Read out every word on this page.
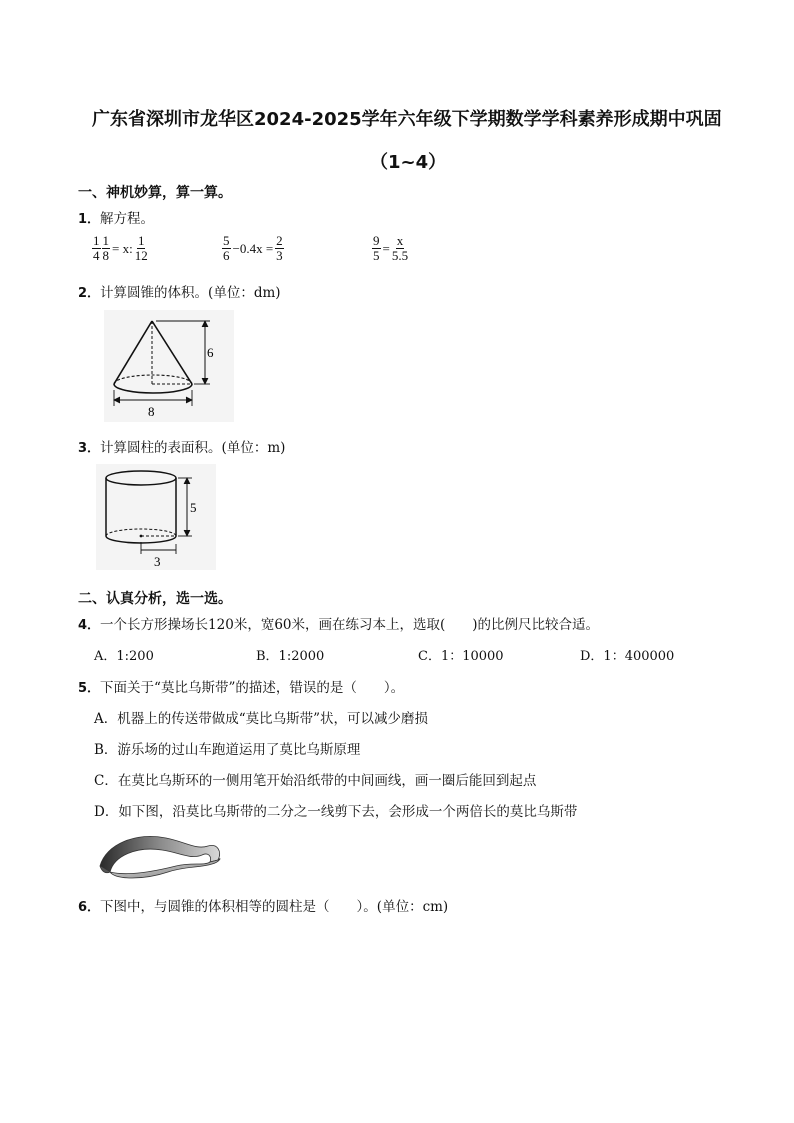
广东省深圳市龙华区2024-2025学年六年级下学期数学学科素养形成期中巩固
（1~4）
一、神机妙算，算一算。
1．解方程。
$\frac{1}{4} \frac{1}{8} = x$: $\frac{1}{12}$	$\frac{5}{6} -0.4x = \frac{2}{3}$	$\frac{9}{5} = \frac{x}{5.5}$
2．计算圆锥的体积。(单位：dm)
6
8
3．计算圆柱的表面积。(单位：m)
5
3
二、认真分析，选一选。
4．一个长方形操场长120米，宽60米，画在练习本上，选取(　　)的比例尺比较合适。
A．1:200	B．1:2000	C．1：10000	D．1：400000
5．下面关于“莫比乌斯带”的描述，错误的是（　　）。
A．机器上的传送带做成“莫比乌斯带”状，可以减少磨损
B．游乐场的过山车跑道运用了莫比乌斯原理
C．在莫比乌斯环的一侧用笔开始沿纸带的中间画线，画一圈后能回到起点
D．如下图，沿莫比乌斯带的二分之一线剪下去，会形成一个两倍长的莫比乌斯带
6．下图中，与圆锥的体积相等的圆柱是（　　）。(单位：cm)
